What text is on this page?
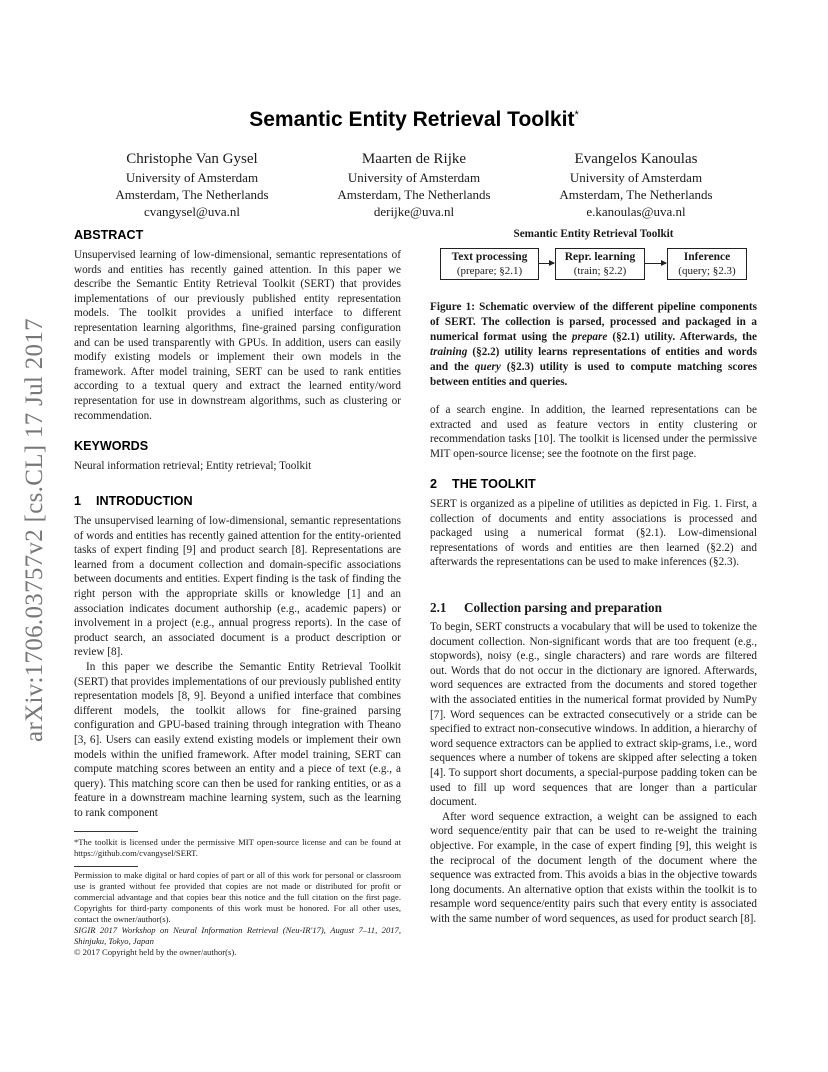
arXiv:1706.03757v2 [cs.CL] 17 Jul 2017
Semantic Entity Retrieval Toolkit*
Christophe Van Gysel
University of Amsterdam
Amsterdam, The Netherlands
cvangysel@uva.nl
Maarten de Rijke
University of Amsterdam
Amsterdam, The Netherlands
derijke@uva.nl
Evangelos Kanoulas
University of Amsterdam
Amsterdam, The Netherlands
e.kanoulas@uva.nl
ABSTRACT
Unsupervised learning of low-dimensional, semantic representations of words and entities has recently gained attention. In this paper we describe the Semantic Entity Retrieval Toolkit (SERT) that provides implementations of our previously published entity representation models. The toolkit provides a unified interface to different representation learning algorithms, fine-grained parsing configuration and can be used transparently with GPUs. In addition, users can easily modify existing models or implement their own models in the framework. After model training, SERT can be used to rank entities according to a textual query and extract the learned entity/word representation for use in downstream algorithms, such as clustering or recommendation.
KEYWORDS
Neural information retrieval; Entity retrieval; Toolkit
1 INTRODUCTION

The unsupervised learning of low-dimensional, semantic representations of words and entities has recently gained attention for the entity-oriented tasks of expert finding [9] and product search [8]. Representations are learned from a document collection and domain-specific associations between documents and entities. Expert finding is the task of finding the right person with the appropriate skills or knowledge [1] and an association indicates document authorship (e.g., academic papers) or involvement in a project (e.g., annual progress reports). In the case of product search, an associated document is a product description or review [8].

In this paper we describe the Semantic Entity Retrieval Toolkit (SERT) that provides implementations of our previously published entity representation models [8, 9]. Beyond a unified interface that combines different models, the toolkit allows for fine-grained parsing configuration and GPU-based training through integration with Theano [3, 6]. Users can easily extend existing models or implement their own models within the unified framework. After model training, SERT can compute matching scores between an entity and a piece of text (e.g., a query). This matching score can then be used for ranking entities, or as a feature in a downstream machine learning system, such as the learning to rank component

*The toolkit is licensed under the permissive MIT open-source license and can be found at https://github.com/cvangysel/SERT.

Permission to make digital or hard copies of part or all of this work for personal or classroom use is granted without fee provided that copies are not made or distributed for profit or commercial advantage and that copies bear this notice and the full citation on the first page. Copyrights for third-party components of this work must be honored. For all other uses, contact the owner/author(s).

SIGIR 2017 Workshop on Neural Information Retrieval (Neu-IR'17), August 7–11, 2017, Shinjuku, Tokyo, Japan

© 2017 Copyright held by the owner/author(s).

Semantic Entity Retrieval Toolkit
Text processing
(prepare; §2.1)
Repr. learning
(train; §2.2)
Inference
(query; §2.3)
Figure 1: Schematic overview of the different pipeline components of SERT. The collection is parsed, processed and packaged in a numerical format using the prepare (§2.1) utility. Afterwards, the training (§2.2) utility learns representations of entities and words and the query (§2.3) utility is used to compute matching scores between entities and queries.
of a search engine. In addition, the learned representations can be extracted and used as feature vectors in entity clustering or recommendation tasks [10]. The toolkit is licensed under the permissive MIT open-source license; see the footnote on the first page.
2 THE TOOLKIT
SERT is organized as a pipeline of utilities as depicted in Fig. 1. First, a collection of documents and entity associations is processed and packaged using a numerical format (§2.1). Low-dimensional representations of words and entities are then learned (§2.2) and afterwards the representations can be used to make inferences (§2.3).
2.1 Collection parsing and preparation

To begin, SERT constructs a vocabulary that will be used to tokenize the document collection. Non-significant words that are too frequent (e.g., stopwords), noisy (e.g., single characters) and rare words are filtered out. Words that do not occur in the dictionary are ignored. Afterwards, word sequences are extracted from the documents and stored together with the associated entities in the numerical format provided by NumPy [7]. Word sequences can be extracted consecutively or a stride can be specified to extract non-consecutive windows. In addition, a hierarchy of word sequence extractors can be applied to extract skip-grams, i.e., word sequences where a number of tokens are skipped after selecting a token [4]. To support short documents, a special-purpose padding token can be used to fill up word sequences that are longer than a particular document.

After word sequence extraction, a weight can be assigned to each word sequence/entity pair that can be used to re-weight the training objective. For example, in the case of expert finding [9], this weight is the reciprocal of the document length of the document where the sequence was extracted from. This avoids a bias in the objective towards long documents. An alternative option that exists within the toolkit is to resample word sequence/entity pairs such that every entity is associated with the same number of word sequences, as used for product search [8].
